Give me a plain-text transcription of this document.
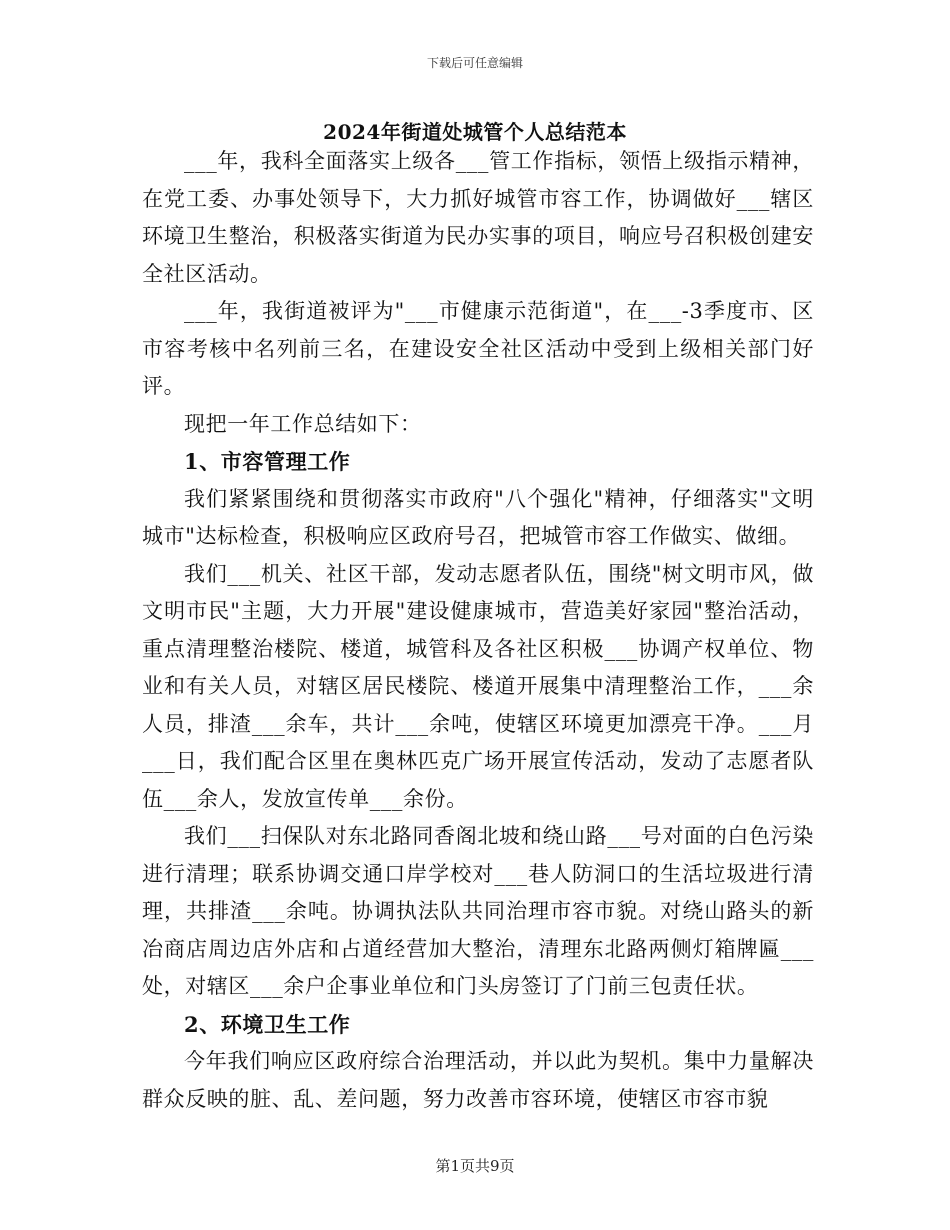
下载后可任意编辑
2024年街道处城管个人总结范本

___年，我科全面落实上级各___管工作指标，领悟上级指示精神，在党工委、办事处领导下，大力抓好城管市容工作，协调做好___辖区环境卫生整治，积极落实街道为民办实事的项目，响应号召积极创建安全社区活动。

___年，我街道被评为"___市健康示范街道"，在___-3季度市、区市容考核中名列前三名，在建设安全社区活动中受到上级相关部门好评。

现把一年工作总结如下：

1、市容管理工作

我们紧紧围绕和贯彻落实市政府"八个强化"精神，仔细落实"文明城市"达标检查，积极响应区政府号召，把城管市容工作做实、做细。

我们___机关、社区干部，发动志愿者队伍，围绕"树文明市风，做文明市民"主题，大力开展"建设健康城市，营造美好家园"整治活动，重点清理整治楼院、楼道，城管科及各社区积极___协调产权单位、物业和有关人员，对辖区居民楼院、楼道开展集中清理整治工作，___余人员，排渣___余车，共计___余吨，使辖区环境更加漂亮干净。___月___日，我们配合区里在奥林匹克广场开展宣传活动，发动了志愿者队伍___余人，发放宣传单___余份。

我们___扫保队对东北路同香阁北坡和绕山路___号对面的白色污染进行清理；联系协调交通口岸学校对___巷人防洞口的生活垃圾进行清理，共排渣___余吨。协调执法队共同治理市容市貌。对绕山路头的新冶商店周边店外店和占道经营加大整治，清理东北路两侧灯箱牌匾___处，对辖区___余户企事业单位和门头房签订了门前三包责任状。

2、环境卫生工作

今年我们响应区政府综合治理活动，并以此为契机。集中力量解决群众反映的脏、乱、差问题，努力改善市容环境，使辖区市容市貌

第1页共9页
